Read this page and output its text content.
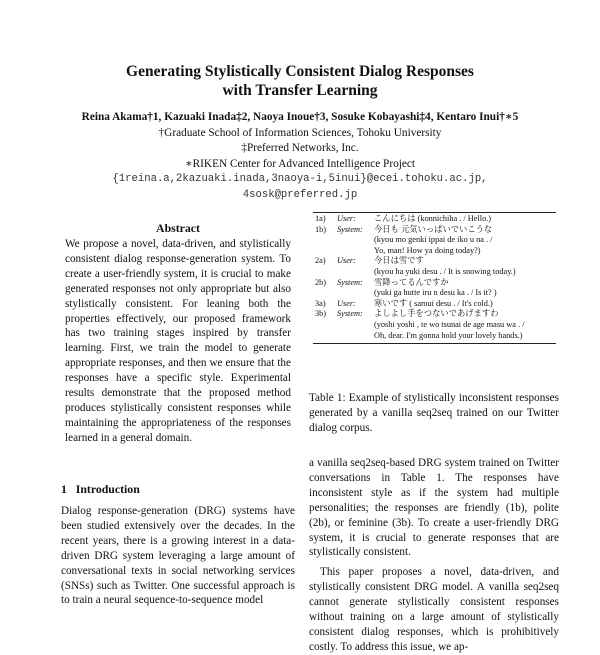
Generating Stylistically Consistent Dialog Responses
with Transfer Learning
Reina Akama†1, Kazuaki Inada‡2, Naoya Inoue†3, Sosuke Kobayashi‡4, Kentaro Inui†∗5
†Graduate School of Information Sciences, Tohoku University
‡Preferred Networks, Inc.
∗RIKEN Center for Advanced Intelligence Project
{1reina.a,2kazuaki.inada,3naoya-i,5inui}@ecei.tohoku.ac.jp,
4sosk@preferred.jp
Abstract

We propose a novel, data-driven, and stylistically consistent dialog response-generation system. To create a user-friendly system, it is crucial to make generated responses not only appropriate but also stylistically consistent. For leaning both the properties effectively, our proposed framework has two training stages inspired by transfer learning. First, we train the model to generate appropriate responses, and then we ensure that the responses have a specific style. Experimental results demonstrate that the proposed method produces stylistically consistent responses while maintaining the appropriateness of the responses learned in a general domain.

1   Introduction

Dialog response-generation (DRG) systems have been studied extensively over the decades. In the recent years, there is a growing interest in a data-driven DRG system leveraging a large amount of conversational texts in social networking services (SNSs) such as Twitter. One successful approach is to train a neural sequence-to-sequence model

1a)	User:	こんにちは (konnichiha . / Hello.)
1b)	System:	今日も 元気いっぱいでいこうな
(kyou mo genki ippai de iko u na . /
Yo, man! How ya doing today?)
2a)	User:	今日は雪です
(kyou ha yuki desu . / It is snowing today.)
2b)	System:	雪降ってるんですか
(yuki ga hutte iru n desu ka . / Is it? )
3a)	User:	寒いです ( samui desu . / It's cold.)
3b)	System:	よしよし手をつないであげますわ
(yoshi yoshi , te wo tsunai de age masu wa . /
Oh, dear. I'm gonna hold your lovely hands.)
Table 1: Example of stylistically inconsistent responses generated by a vanilla seq2seq trained on our Twitter dialog corpus.

a vanilla seq2seq-based DRG system trained on Twitter conversations in Table 1. The responses have inconsistent style as if the system had multiple personalities; the responses are friendly (1b), polite (2b), or feminine (3b). To create a user-friendly DRG system, it is crucial to generate responses that are stylistically consistent.

This paper proposes a novel, data-driven, and stylistically consistent DRG model. A vanilla seq2seq cannot generate stylistically consistent responses without training on a large amount of stylistically consistent dialog responses, which is prohibitively costly. To address this issue, we ap-
